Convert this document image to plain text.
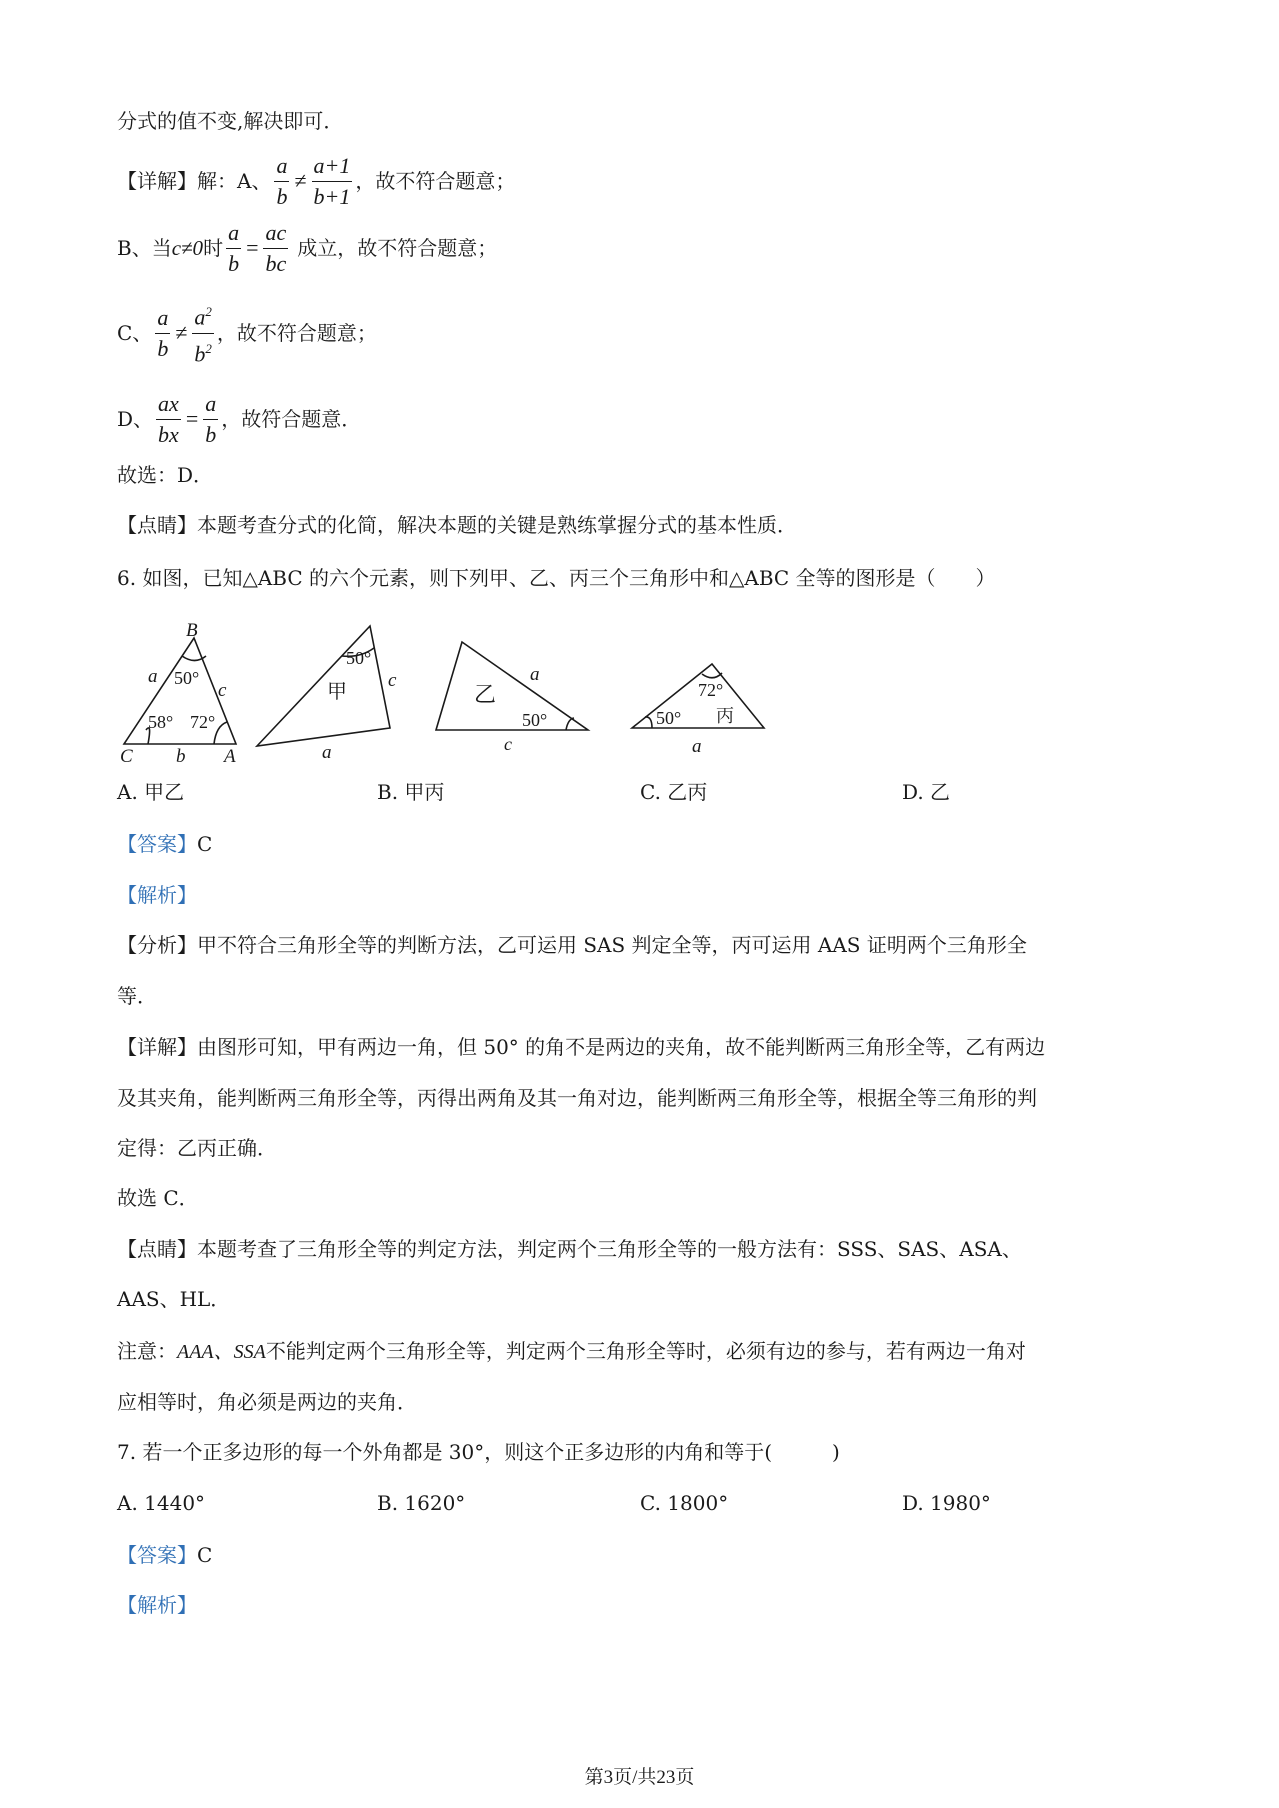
分式的值不变,解决即可．
【详解】解：A、 $\frac{a}{b} \ne \frac{a+1}{b+1}$ ，故不符合题意；
B、当 c≠0 时 $\frac{a}{b} = \frac{ac}{bc}$ 成立，故不符合题意；
C、 $\frac{a}{b} \ne \frac{a^2}{b^2}$ ，故不符合题意；
D、 $\frac{ax}{bx} = \frac{a}{b}$ ，故符合题意．
故选：D．
【点睛】本题考查分式的化简，解决本题的关键是熟练掌握分式的基本性质．
6. 如图，已知△ABC 的六个元素，则下列甲、乙、丙三个三角形中和△ABC 全等的图形是（　　）
B
C	A
a
c
b
50°
58° 72°
50°
甲 c
a
乙
50°
a
c
72°
50° 丙
a
A. 甲乙	B. 甲丙	C. 乙丙	D. 乙
【答案】C
【解析】
【分析】甲不符合三角形全等的判断方法，乙可运用 SAS 判定全等，丙可运用 AAS 证明两个三角形全
等．
【详解】由图形可知，甲有两边一角，但 50° 的角不是两边的夹角，故不能判断两三角形全等，乙有两边
及其夹角，能判断两三角形全等，丙得出两角及其一角对边，能判断两三角形全等，根据全等三角形的判
定得：乙丙正确．
故选 C．
【点睛】本题考查了三角形全等的判定方法，判定两个三角形全等的一般方法有：SSS、SAS、ASA、
AAS、HL．
注意：AAA、SSA不能判定两个三角形全等，判定两个三角形全等时，必须有边的参与，若有两边一角对
应相等时，角必须是两边的夹角．
7. 若一个正多边形的每一个外角都是 30°，则这个正多边形的内角和等于(　　　)
A. 1440°	B. 1620°	C. 1800°	D. 1980°
【答案】C
【解析】
第3页/共23页
